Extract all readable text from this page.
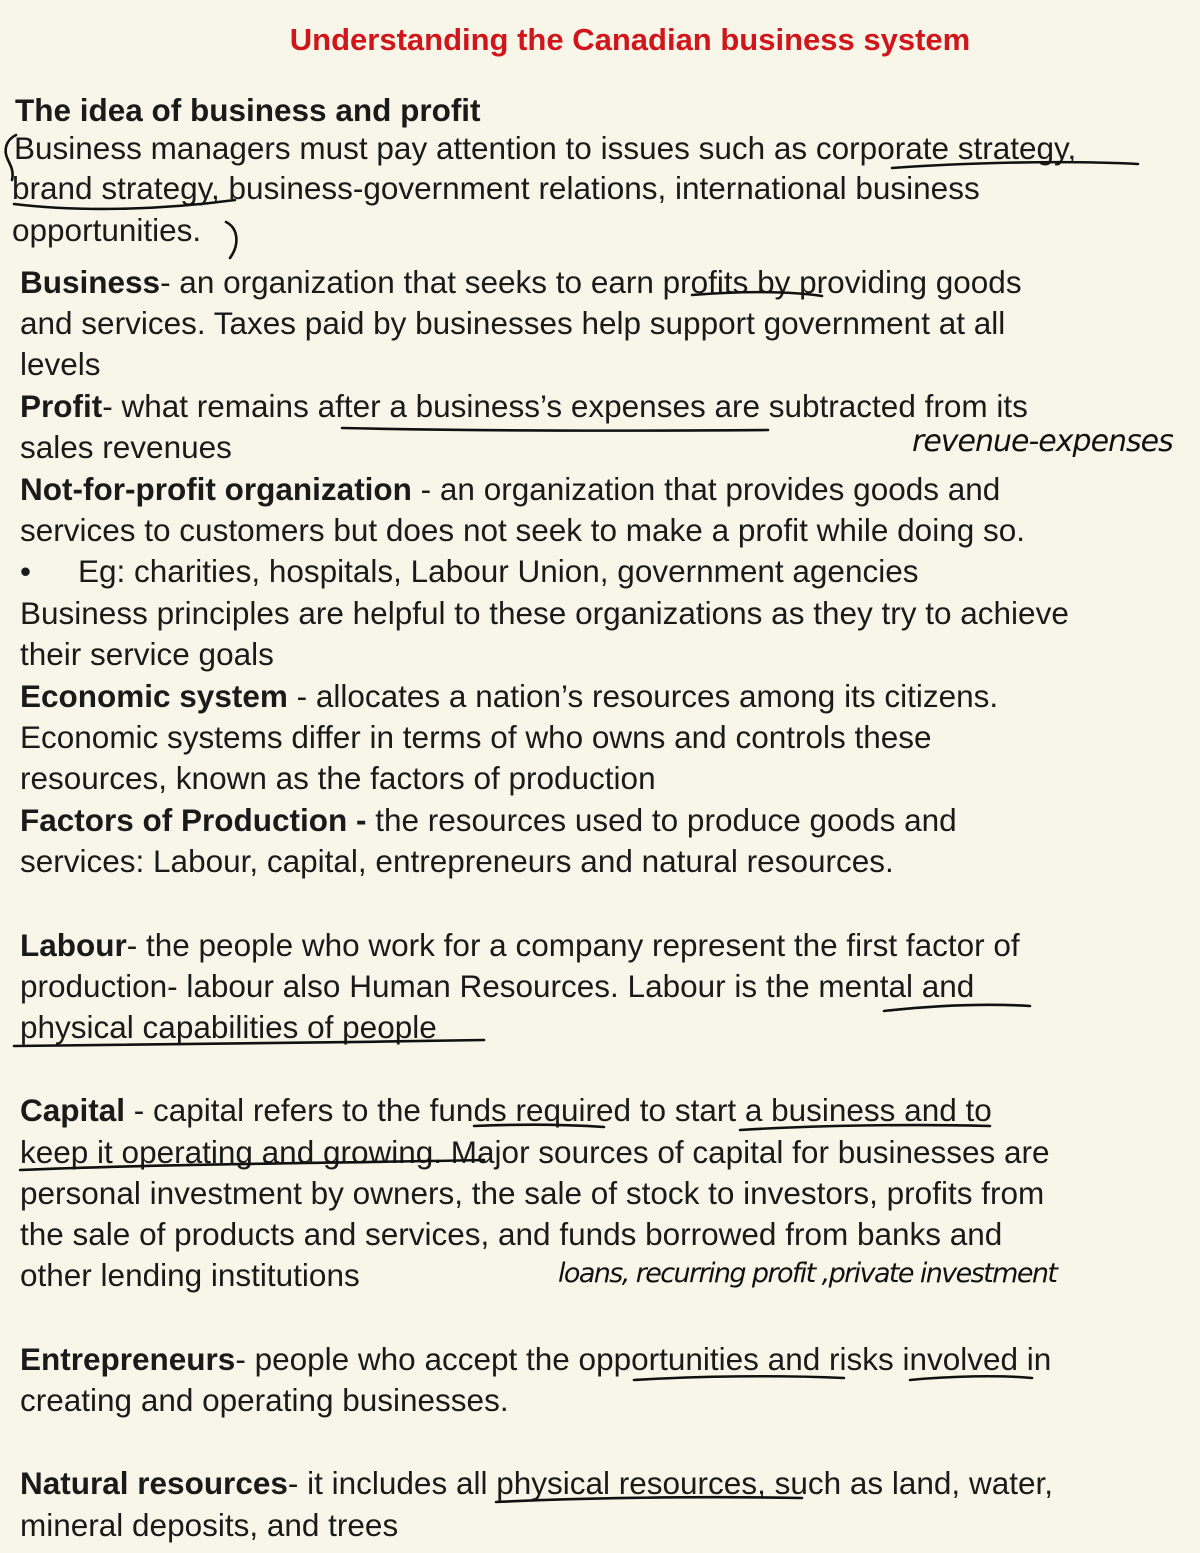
Understanding the Canadian business system
The idea of business and profit
Business managers must pay attention to issues such as corporate strategy,
brand strategy, business-government relations, international business
opportunities.
Business- an organization that seeks to earn profits by providing goods
and services. Taxes paid by businesses help support government at all
levels
Profit- what remains after a business’s expenses are subtracted from its
sales revenues	revenue-expenses
Not-for-profit organization - an organization that provides goods and
services to customers but does not seek to make a profit while doing so.
• Eg: charities, hospitals, Labour Union, government agencies
Business principles are helpful to these organizations as they try to achieve
their service goals
Economic system - allocates a nation’s resources among its citizens.
Economic systems differ in terms of who owns and controls these
resources, known as the factors of production
Factors of Production - the resources used to produce goods and
services: Labour, capital, entrepreneurs and natural resources.
Labour- the people who work for a company represent the first factor of
production- labour also Human Resources. Labour is the mental and
physical capabilities of people
Capital - capital refers to the funds required to start a business and to
keep it operating and growing. Major sources of capital for businesses are
personal investment by owners, the sale of stock to investors, profits from
the sale of products and services, and funds borrowed from banks and
other lending institutions	loans, recurring profit ,private investment
Entrepreneurs- people who accept the opportunities and risks involved in
creating and operating businesses.
Natural resources- it includes all physical resources, such as land, water,
mineral deposits, and trees
